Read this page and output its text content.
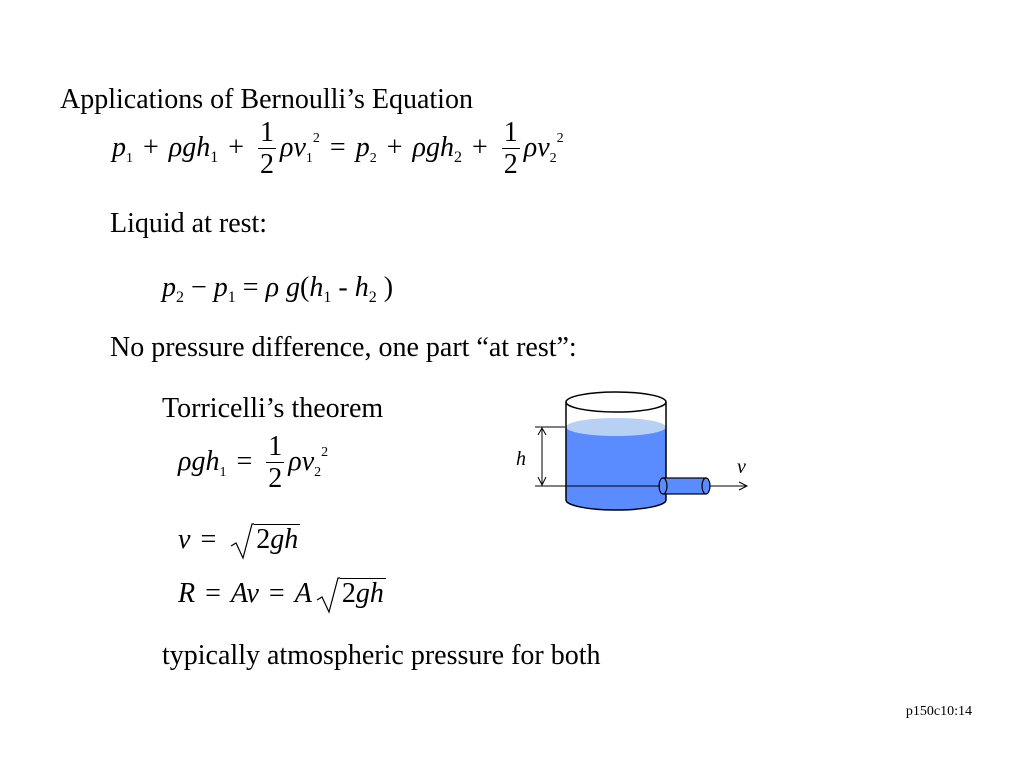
Applications of Bernoulli’s Equation
$p_1 + \rho gh_1 + \frac{1}{2} \rho v_1^2 = p_2 + \rho gh_2 + \frac{1}{2} \rho v_2^2$
Liquid at rest:
$p_2 - p_1 = \rho$ $g(h_1 - h_2$ )
No pressure difference, one part “at rest”:
Torricelli’s theorem
$\rho gh_1 = \frac{1}{2} \rho v_2^2$
v = 2gh
R = Av = A 2gh
typically atmospheric pressure for both
h	v
p150c10:14
